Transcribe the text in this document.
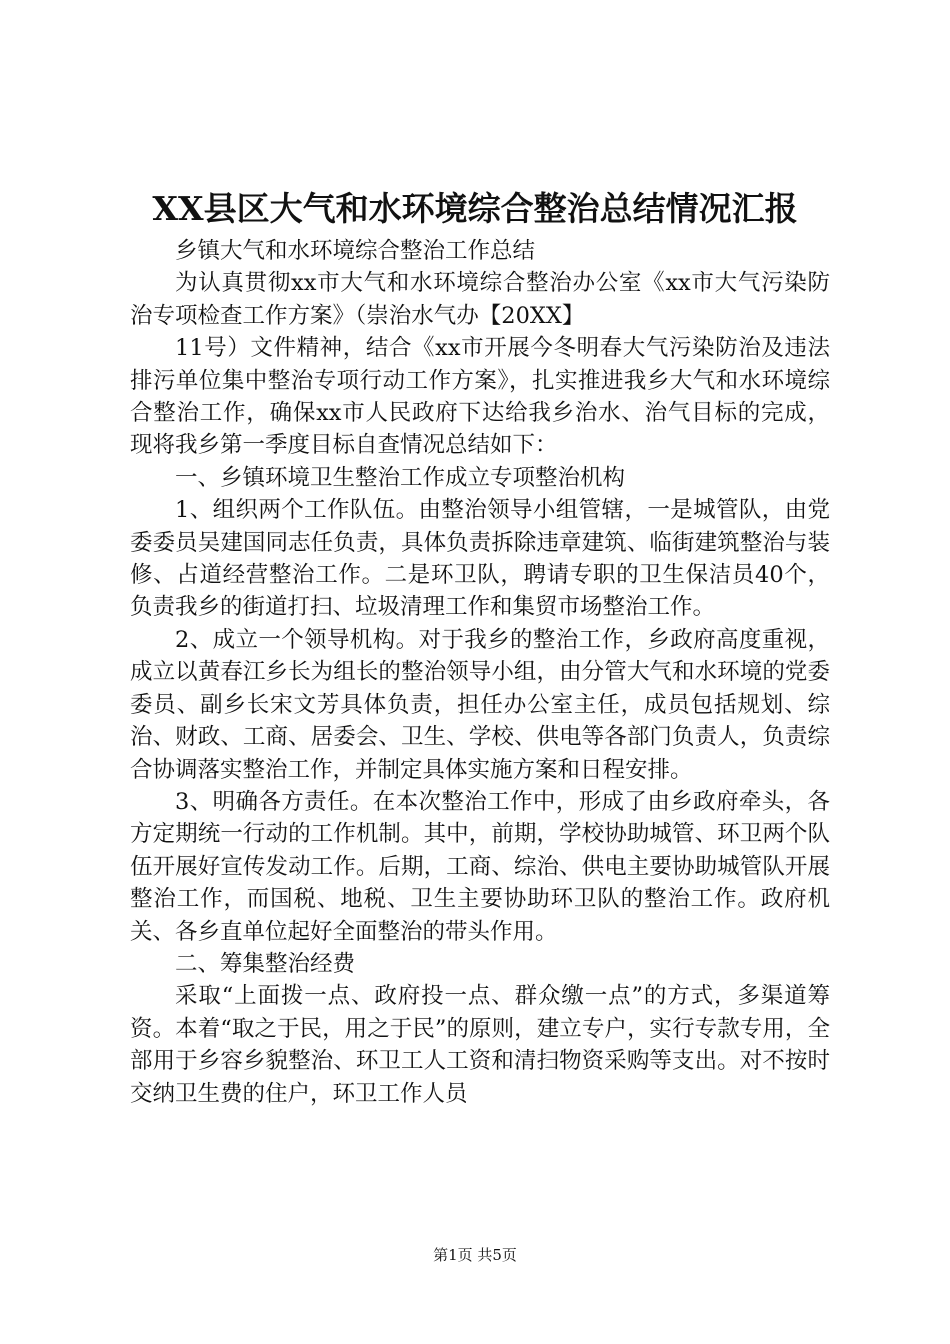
XX县区大气和水环境综合整治总结情况汇报

乡镇大气和水环境综合整治工作总结

为认真贯彻xx市大气和水环境综合整治办公室《xx市大气污染防治专项检查工作方案》（崇治水气办【20XX】

11号）文件精神，结合《xx市开展今冬明春大气污染防治及违法排污单位集中整治专项行动工作方案》，扎实推进我乡大气和水环境综合整治工作，确保xx市人民政府下达给我乡治水、治气目标的完成，现将我乡第一季度目标自查情况总结如下：

一、乡镇环境卫生整治工作成立专项整治机构

1、组织两个工作队伍。由整治领导小组管辖，一是城管队，由党委委员吴建国同志任负责，具体负责拆除违章建筑、临街建筑整治与装修、占道经营整治工作。二是环卫队，聘请专职的卫生保洁员40个，负责我乡的街道打扫、垃圾清理工作和集贸市场整治工作。

2、成立一个领导机构。对于我乡的整治工作，乡政府高度重视，成立以黄春江乡长为组长的整治领导小组，由分管大气和水环境的党委委员、副乡长宋文芳具体负责，担任办公室主任，成员包括规划、综治、财政、工商、居委会、卫生、学校、供电等各部门负责人，负责综合协调落实整治工作，并制定具体实施方案和日程安排。

3、明确各方责任。在本次整治工作中，形成了由乡政府牵头，各方定期统一行动的工作机制。其中，前期，学校协助城管、环卫两个队伍开展好宣传发动工作。后期，工商、综治、供电主要协助城管队开展整治工作，而国税、地税、卫生主要协助环卫队的整治工作。政府机关、各乡直单位起好全面整治的带头作用。

二、筹集整治经费

采取“上面拨一点、政府投一点、群众缴一点”的方式，多渠道筹资。本着“取之于民，用之于民”的原则，建立专户，实行专款专用，全部用于乡容乡貌整治、环卫工人工资和清扫物资采购等支出。对不按时交纳卫生费的住户，环卫工作人员

第1页 共5页
